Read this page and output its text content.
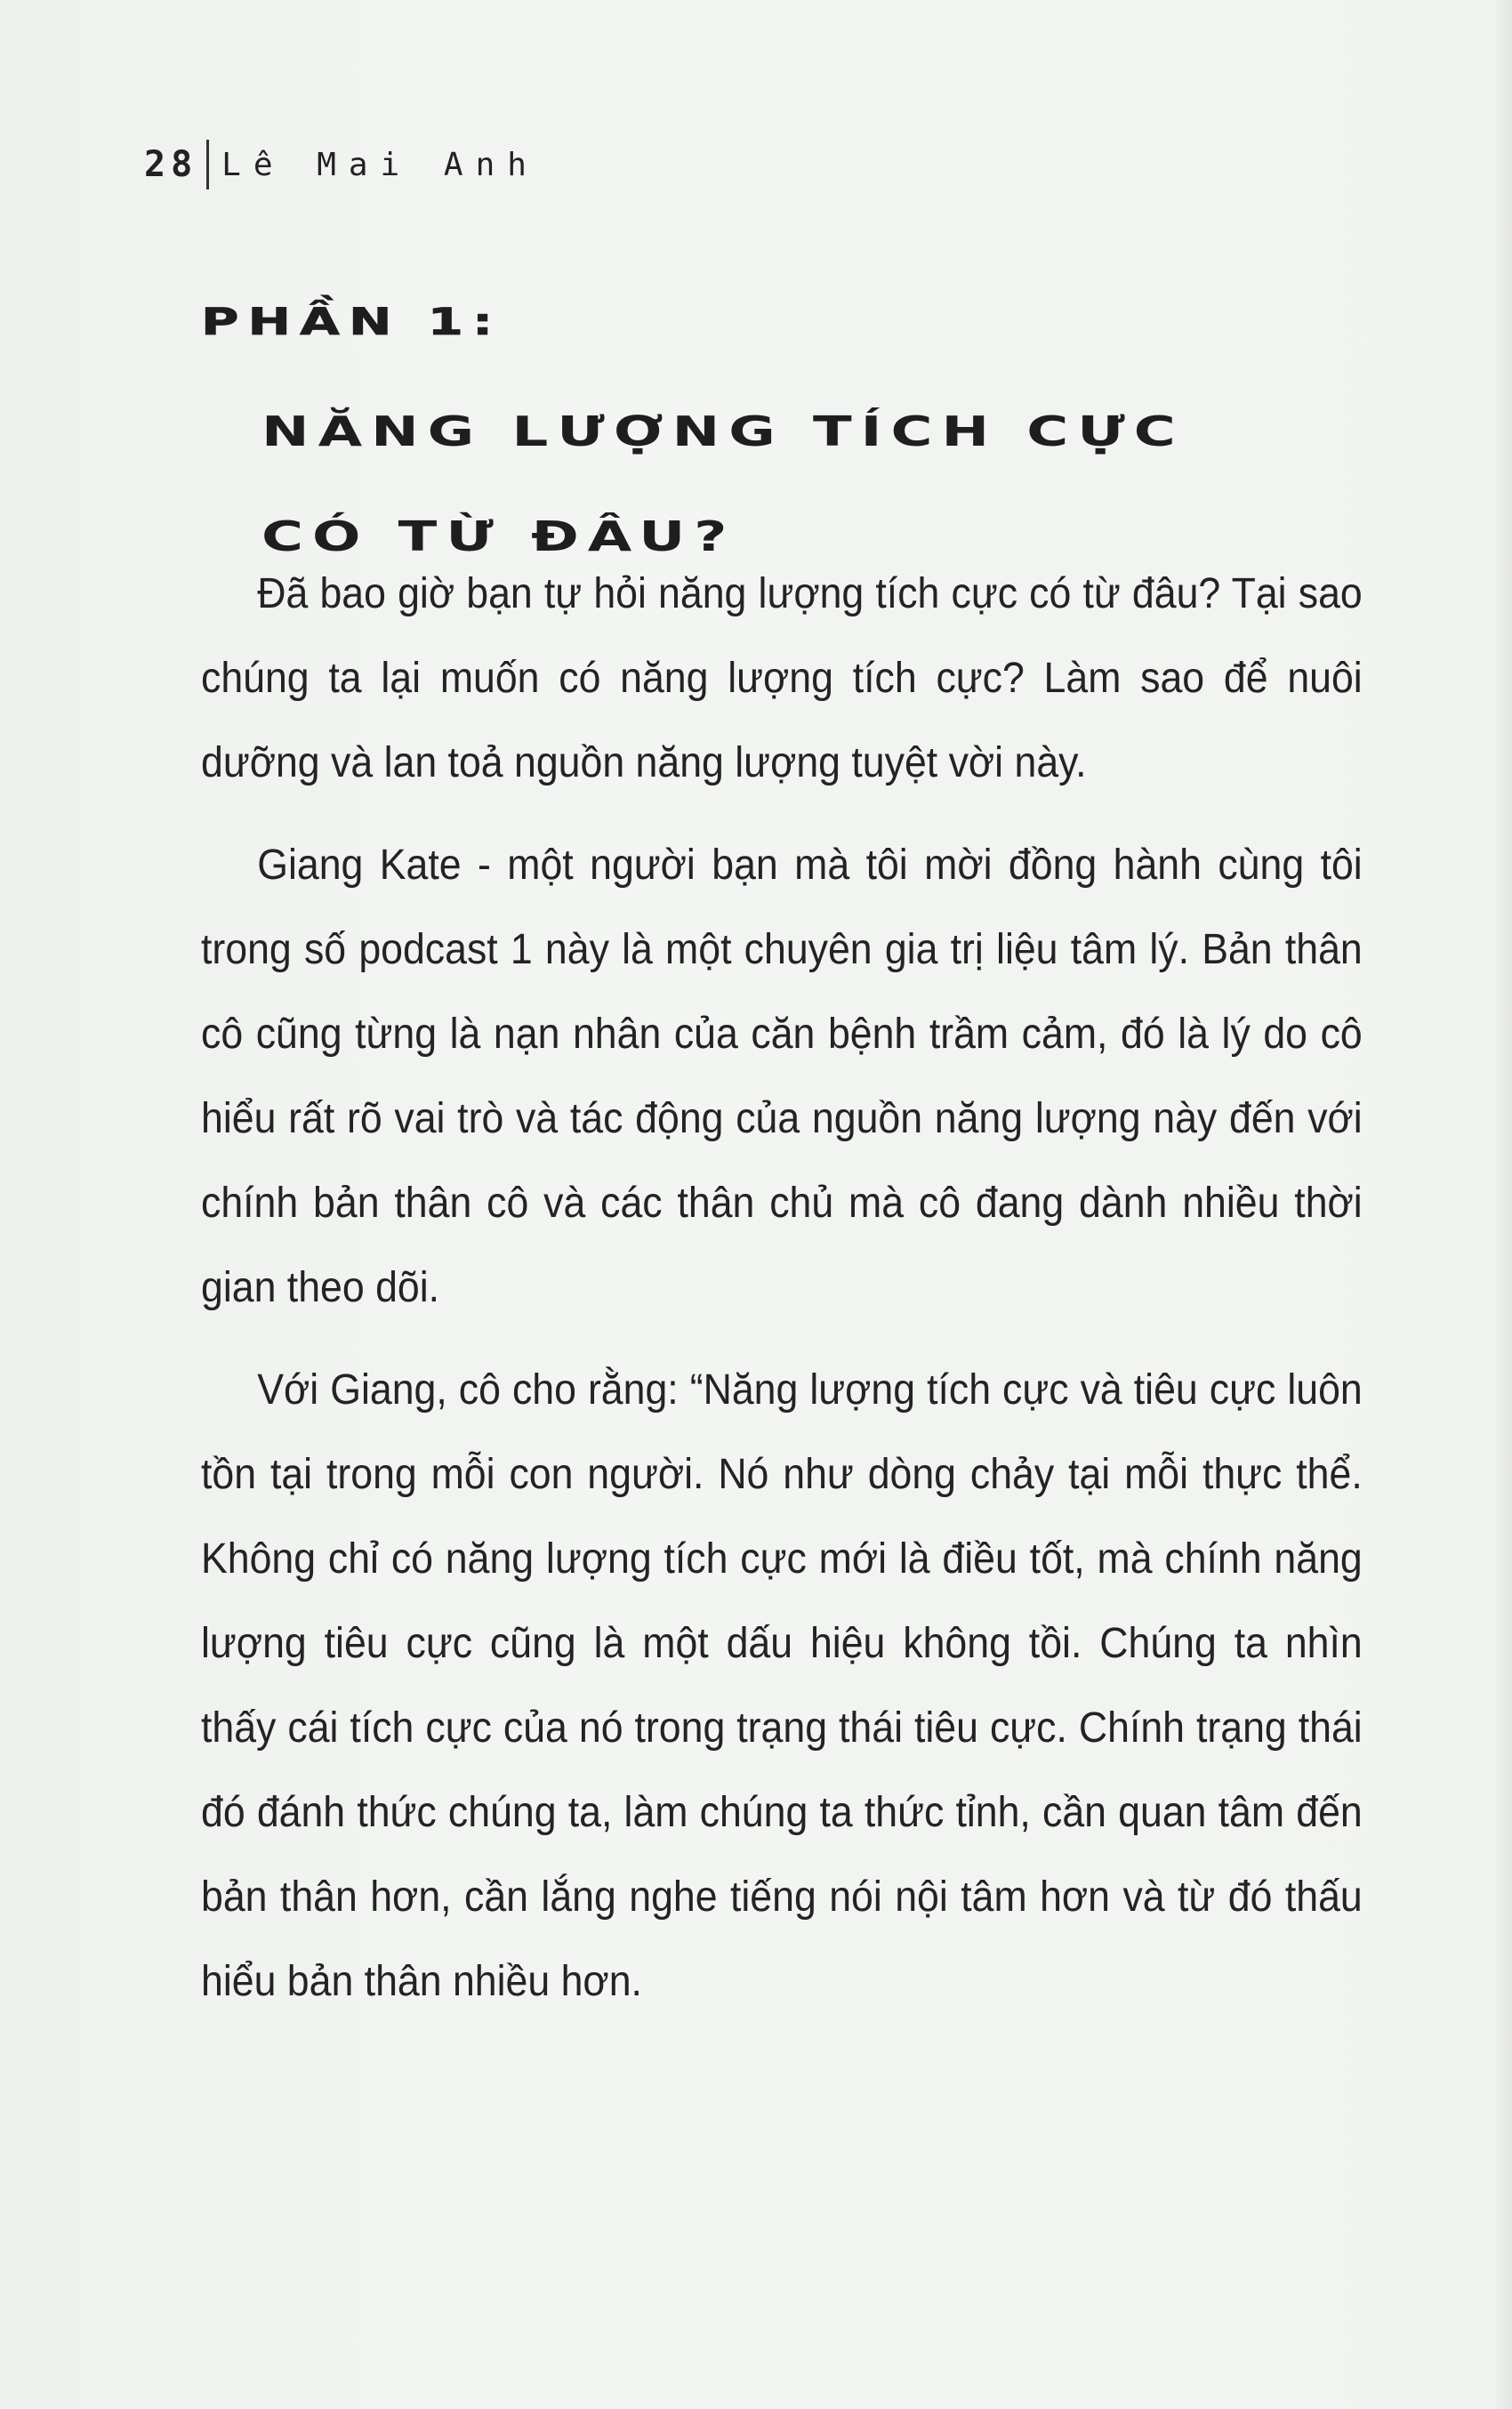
28 Lê Mai Anh
PHẦN 1:
NĂNG LƯỢNG TÍCH CỰC
CÓ TỪ ĐÂU?

Đã bao giờ bạn tự hỏi năng lượng tích cực có từ đâu? Tại sao chúng ta lại muốn có năng lượng tích cực? Làm sao để nuôi dưỡng và lan toả nguồn năng lượng tuyệt vời này.

Giang Kate - một người bạn mà tôi mời đồng hành cùng tôi trong số podcast 1 này là một chuyên gia trị liệu tâm lý. Bản thân cô cũng từng là nạn nhân của căn bệnh trầm cảm, đó là lý do cô hiểu rất rõ vai trò và tác động của nguồn năng lượng này đến với chính bản thân cô và các thân chủ mà cô đang dành nhiều thời gian theo dõi.

Với Giang, cô cho rằng: “Năng lượng tích cực và tiêu cực luôn tồn tại trong mỗi con người. Nó như dòng chảy tại mỗi thực thể. Không chỉ có năng lượng tích cực mới là điều tốt, mà chính năng lượng tiêu cực cũng là một dấu hiệu không tồi. Chúng ta nhìn thấy cái tích cực của nó trong trạng thái tiêu cực. Chính trạng thái đó đánh thức chúng ta, làm chúng ta thức tỉnh, cần quan tâm đến bản thân hơn, cần lắng nghe tiếng nói nội tâm hơn và từ đó thấu hiểu bản thân nhiều hơn.
